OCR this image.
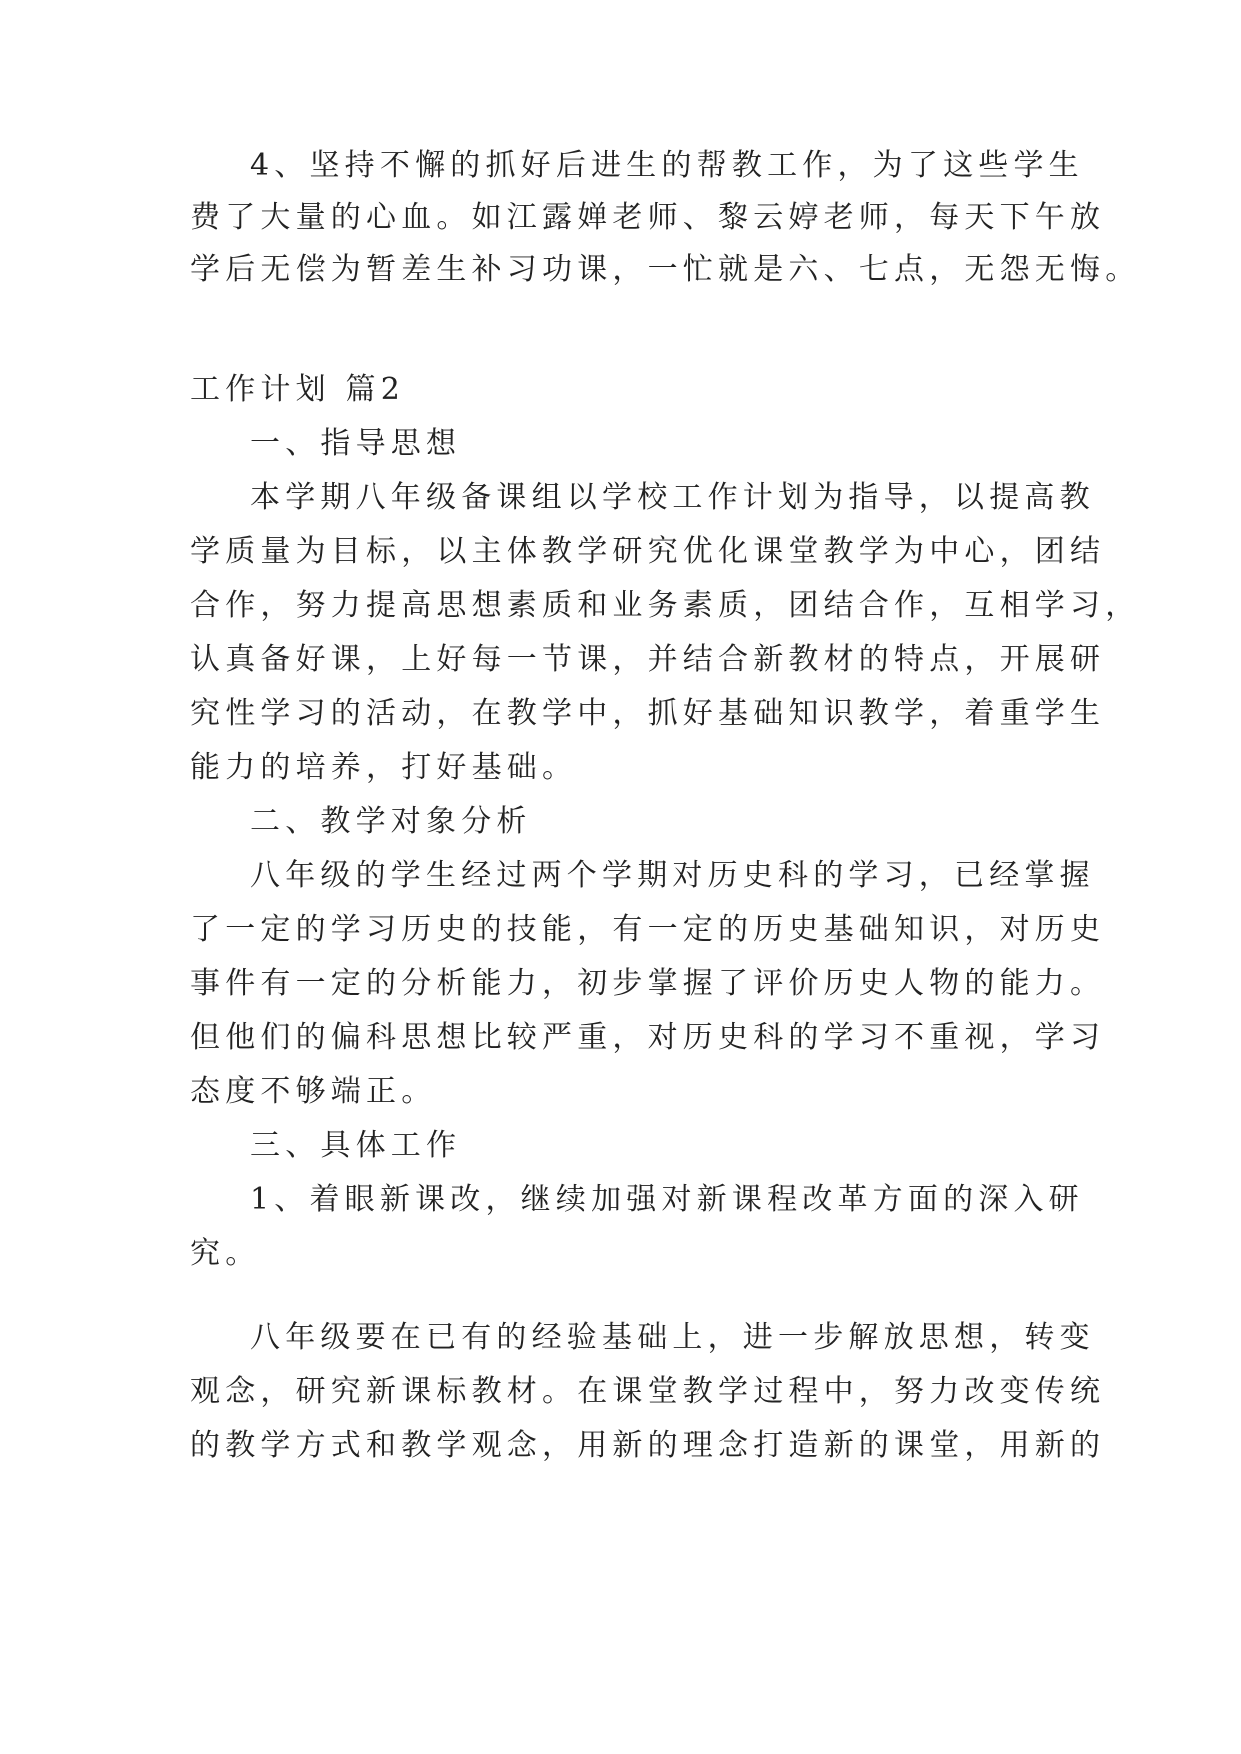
4、坚持不懈的抓好后进生的帮教工作，为了这些学生
费了大量的心血。如江露婵老师、黎云婷老师，每天下午放
学后无偿为暂差生补习功课，一忙就是六、七点，无怨无悔。
工作计划 篇2
一、指导思想
本学期八年级备课组以学校工作计划为指导，以提高教
学质量为目标，以主体教学研究优化课堂教学为中心，团结
合作，努力提高思想素质和业务素质，团结合作，互相学习，
认真备好课，上好每一节课，并结合新教材的特点，开展研
究性学习的活动，在教学中，抓好基础知识教学，着重学生
能力的培养，打好基础。
二、教学对象分析
八年级的学生经过两个学期对历史科的学习，已经掌握
了一定的学习历史的技能，有一定的历史基础知识，对历史
事件有一定的分析能力，初步掌握了评价历史人物的能力。
但他们的偏科思想比较严重，对历史科的学习不重视，学习
态度不够端正。
三、具体工作
1、着眼新课改，继续加强对新课程改革方面的深入研
究。
八年级要在已有的经验基础上，进一步解放思想，转变
观念，研究新课标教材。在课堂教学过程中，努力改变传统
的教学方式和教学观念，用新的理念打造新的课堂，用新的
